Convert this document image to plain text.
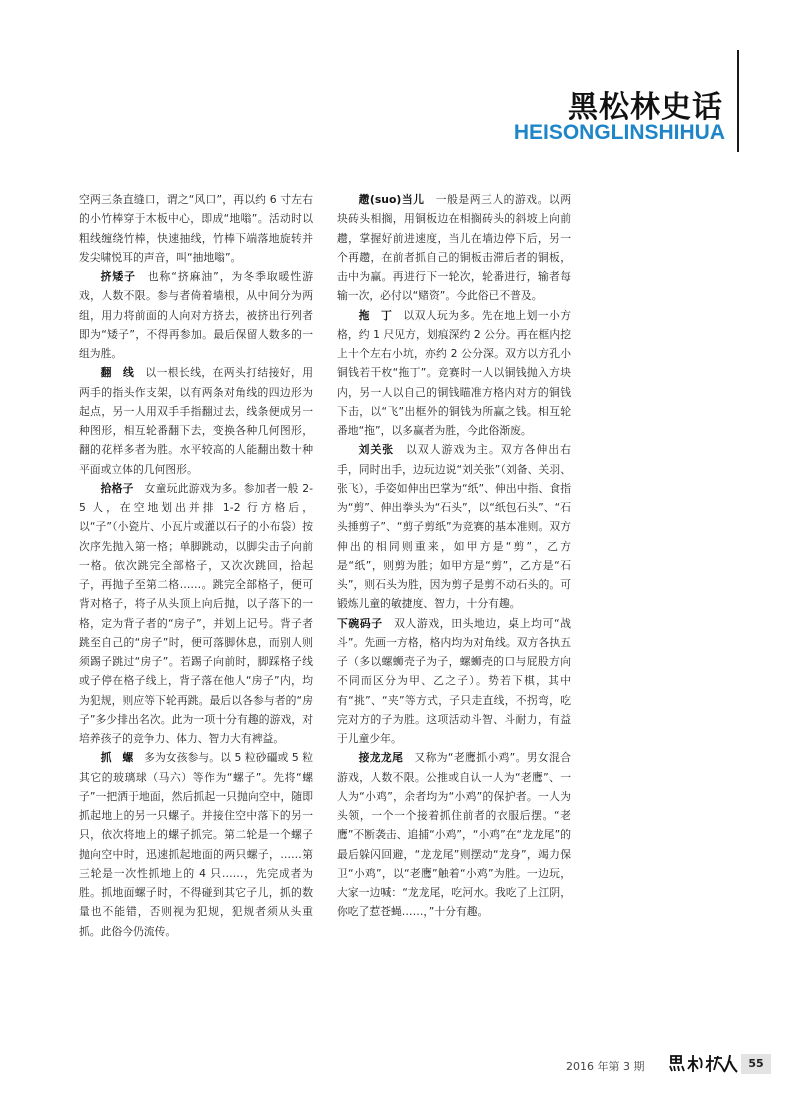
黑松林史话
HEISONGLINSHIHUA

空两三条直缝口，谓之“风口”，再以约 6 寸左右的小竹棒穿于木板中心，即成“地嗡”。活动时以粗线缠绕竹棒，快速抽线，竹棒下端落地旋转并发尖啸悦耳的声音，叫“抽地嗡”。

挤矮子　 也称“挤麻油”，为冬季取暖性游戏，人数不限。参与者倚着墙根，从中间分为两组，用力将前面的人向对方挤去，被挤出行列者即为“矮子”，不得再参加。最后保留人数多的一组为胜。

翻　线　 以一根长线，在两头打结接好，用两手的指头作支架，以有两条对角线的四边形为起点，另一人用双手手指翻过去，线条便成另一种图形，相互轮番翻下去，变换各种几何图形，翻的花样多者为胜。水平较高的人能翻出数十种平面或立体的几何图形。

拾格子　 女童玩此游戏为多。参加者一般 2-5 人，在空地划出并排 1-2 行方格后，以“子”（小瓷片、小瓦片或灌以石子的小布袋）按次序先抛入第一格；单脚跳动，以脚尖击子向前一格。依次跳完全部格子，又次次跳回，拾起子，再抛子至第二格……。跳完全部格子，便可背对格子，将子从头顶上向后抛，以子落下的一格，定为背子者的“房子”，并划上记号。背子者跳至自己的“房子”时，便可落脚休息，而别人则须踢子跳过“房子”。若踢子向前时，脚踩格子线或子停在格子线上，背子落在他人“房子”内，均为犯规，则应等下轮再跳。最后以各参与者的“房子”多少排出名次。此为一项十分有趣的游戏，对培养孩子的竞争力、体力、智力大有裨益。

抓　螺　 多为女孩参与。以 5 粒砂礓或 5 粒其它的玻璃球（马六）等作为“螺子”。先将“螺子”一把洒于地面，然后抓起一只抛向空中，随即抓起地上的另一只螺子。并接住空中落下的另一只，依次将地上的螺子抓完。第二轮是一个螺子抛向空中时，迅速抓起地面的两只螺子，……第三轮是一次性抓地上的 4 只……，先完成者为胜。抓地面螺子时，不得碰到其它子儿，抓的数量也不能错，否则视为犯规，犯规者须从头重抓。此俗今仍流传。

趱(suo)当儿　 一般是两三人的游戏。以两块砖头相搁，用铜板边在相搁砖头的斜坡上向前趱，掌握好前进速度，当儿在墙边停下后，另一个再趱，在前者抓自己的铜板击滞后者的铜板，击中为赢。再进行下一轮次，轮番进行，输者每输一次，必付以“赌资”。今此俗已不普及。

拖　丁　 以双人玩为多。先在地上划一小方格，约 1 尺见方，划痕深约 2 公分。再在框内挖上十个左右小坑，亦约 2 公分深。双方以方孔小铜钱若干枚“拖丁”。竞赛时一人以铜钱抛入方块内，另一人以自己的铜钱瞄准方格内对方的铜钱下击，以“飞”出框外的铜钱为所赢之钱。相互轮番地“拖”，以多赢者为胜，今此俗渐废。

刘关张　 以双人游戏为主。双方各伸出右手，同时出手，边玩边说“刘关张”（刘备、关羽、张飞），手姿如伸出巴掌为“纸”、伸出中指、食指为“剪”、伸出拳头为“石头”，以“纸包石头”、“石头捶剪子”、“剪子剪纸”为竞赛的基本准则。双方伸出的相同则重来，如甲方是“剪”，乙方是“纸”，则剪为胜；如甲方是“剪”，乙方是“石头”，则石头为胜，因为剪子是剪不动石头的。可锻炼儿童的敏捷度、智力，十分有趣。

下碗码子　 双人游戏，田头地边，桌上均可“战斗”。先画一方格，格内均为对角线。双方各执五子（多以螺蛳壳子为子，螺蛳壳的口与屁股方向不同而区分为甲、乙之子）。势若下棋，其中有“挑”、“夹”等方式，子只走直线，不拐弯，吃完对方的子为胜。这项活动斗智、斗耐力，有益于儿童少年。

接龙龙尾　 又称为“老鹰抓小鸡”。男女混合游戏，人数不限。公推或自认一人为“老鹰”、一人为“小鸡”，余者均为“小鸡”的保护者。一人为头领，一个一个接着抓住前者的衣服后摆。“老鹰”不断袭击、追捕“小鸡”，“小鸡”在“龙龙尾”的最后躲闪回避，“龙龙尾”则摆动“龙身”，竭力保卫“小鸡”，以“老鹰”触着“小鸡”为胜。一边玩，大家一边喊：“龙龙尾，吃河水。我吃了上江阴，你吃了惹苍蝇……，”十分有趣。

2016 年第 3 期	55
